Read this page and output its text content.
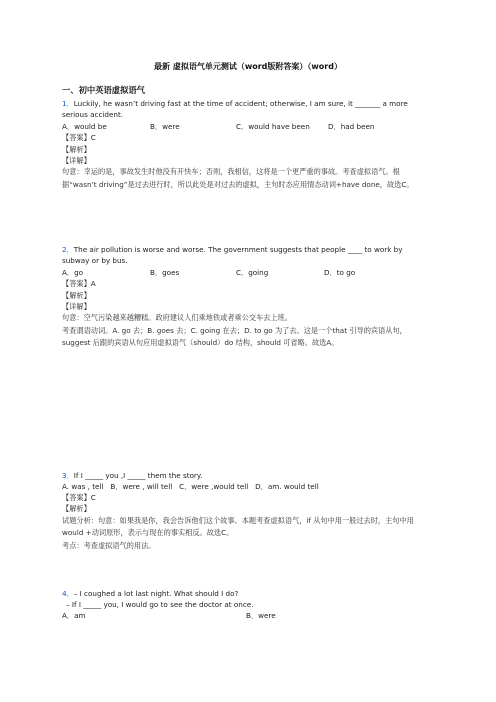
最新 虚拟语气单元测试（word版附答案）（word）
一、初中英语虚拟语气
1．Luckily, he wasn’t driving fast at the time of accident; otherwise, I am sure, it _______ a more serious accident.
A．would be	B．were	C．would have been	D．had been
【答案】C
【解析】
【详解】
句意：幸运的是，事故发生时他没有开快车；否则，我相信，这将是一个更严重的事故。考查虚拟语气。根据“wasn’t driving”是过去进行时，所以此处是对过去的虚拟，主句时态应用情态动词+have done，故选C。
2．The air pollution is worse and worse. The government suggests that people ____ to work by subway or by bus.
A．go	B．goes	C．going	D．to go
【答案】A
【解析】
【详解】
句意：空气污染越来越糟糕。政府建议人们乘地铁或者乘公交车去上班。
考查谓语动词。A. go 去；B. goes 去；C. going 在去；D. to go 为了去。这是一个that 引导的宾语从句，suggest 后跟的宾语从句应用虚拟语气（should）do 结构，should 可省略。故选A。
3．If I _____ you ,I _____ them the story.
A. was , tell   B．were , will tell   C．were ,would tell   D．am. would tell
【答案】C
【解析】
试题分析：句意：如果我是你，我会告诉他们这个故事。本题考查虚拟语气，if 从句中用一般过去时，主句中用would +动词原形，表示与现在的事实相反。故选C。
考点：考查虚拟语气的用法。
4．– I coughed a lot last night. What should I do?
– If I _____ you, I would go to see the doctor at once.
A．am	B．were
